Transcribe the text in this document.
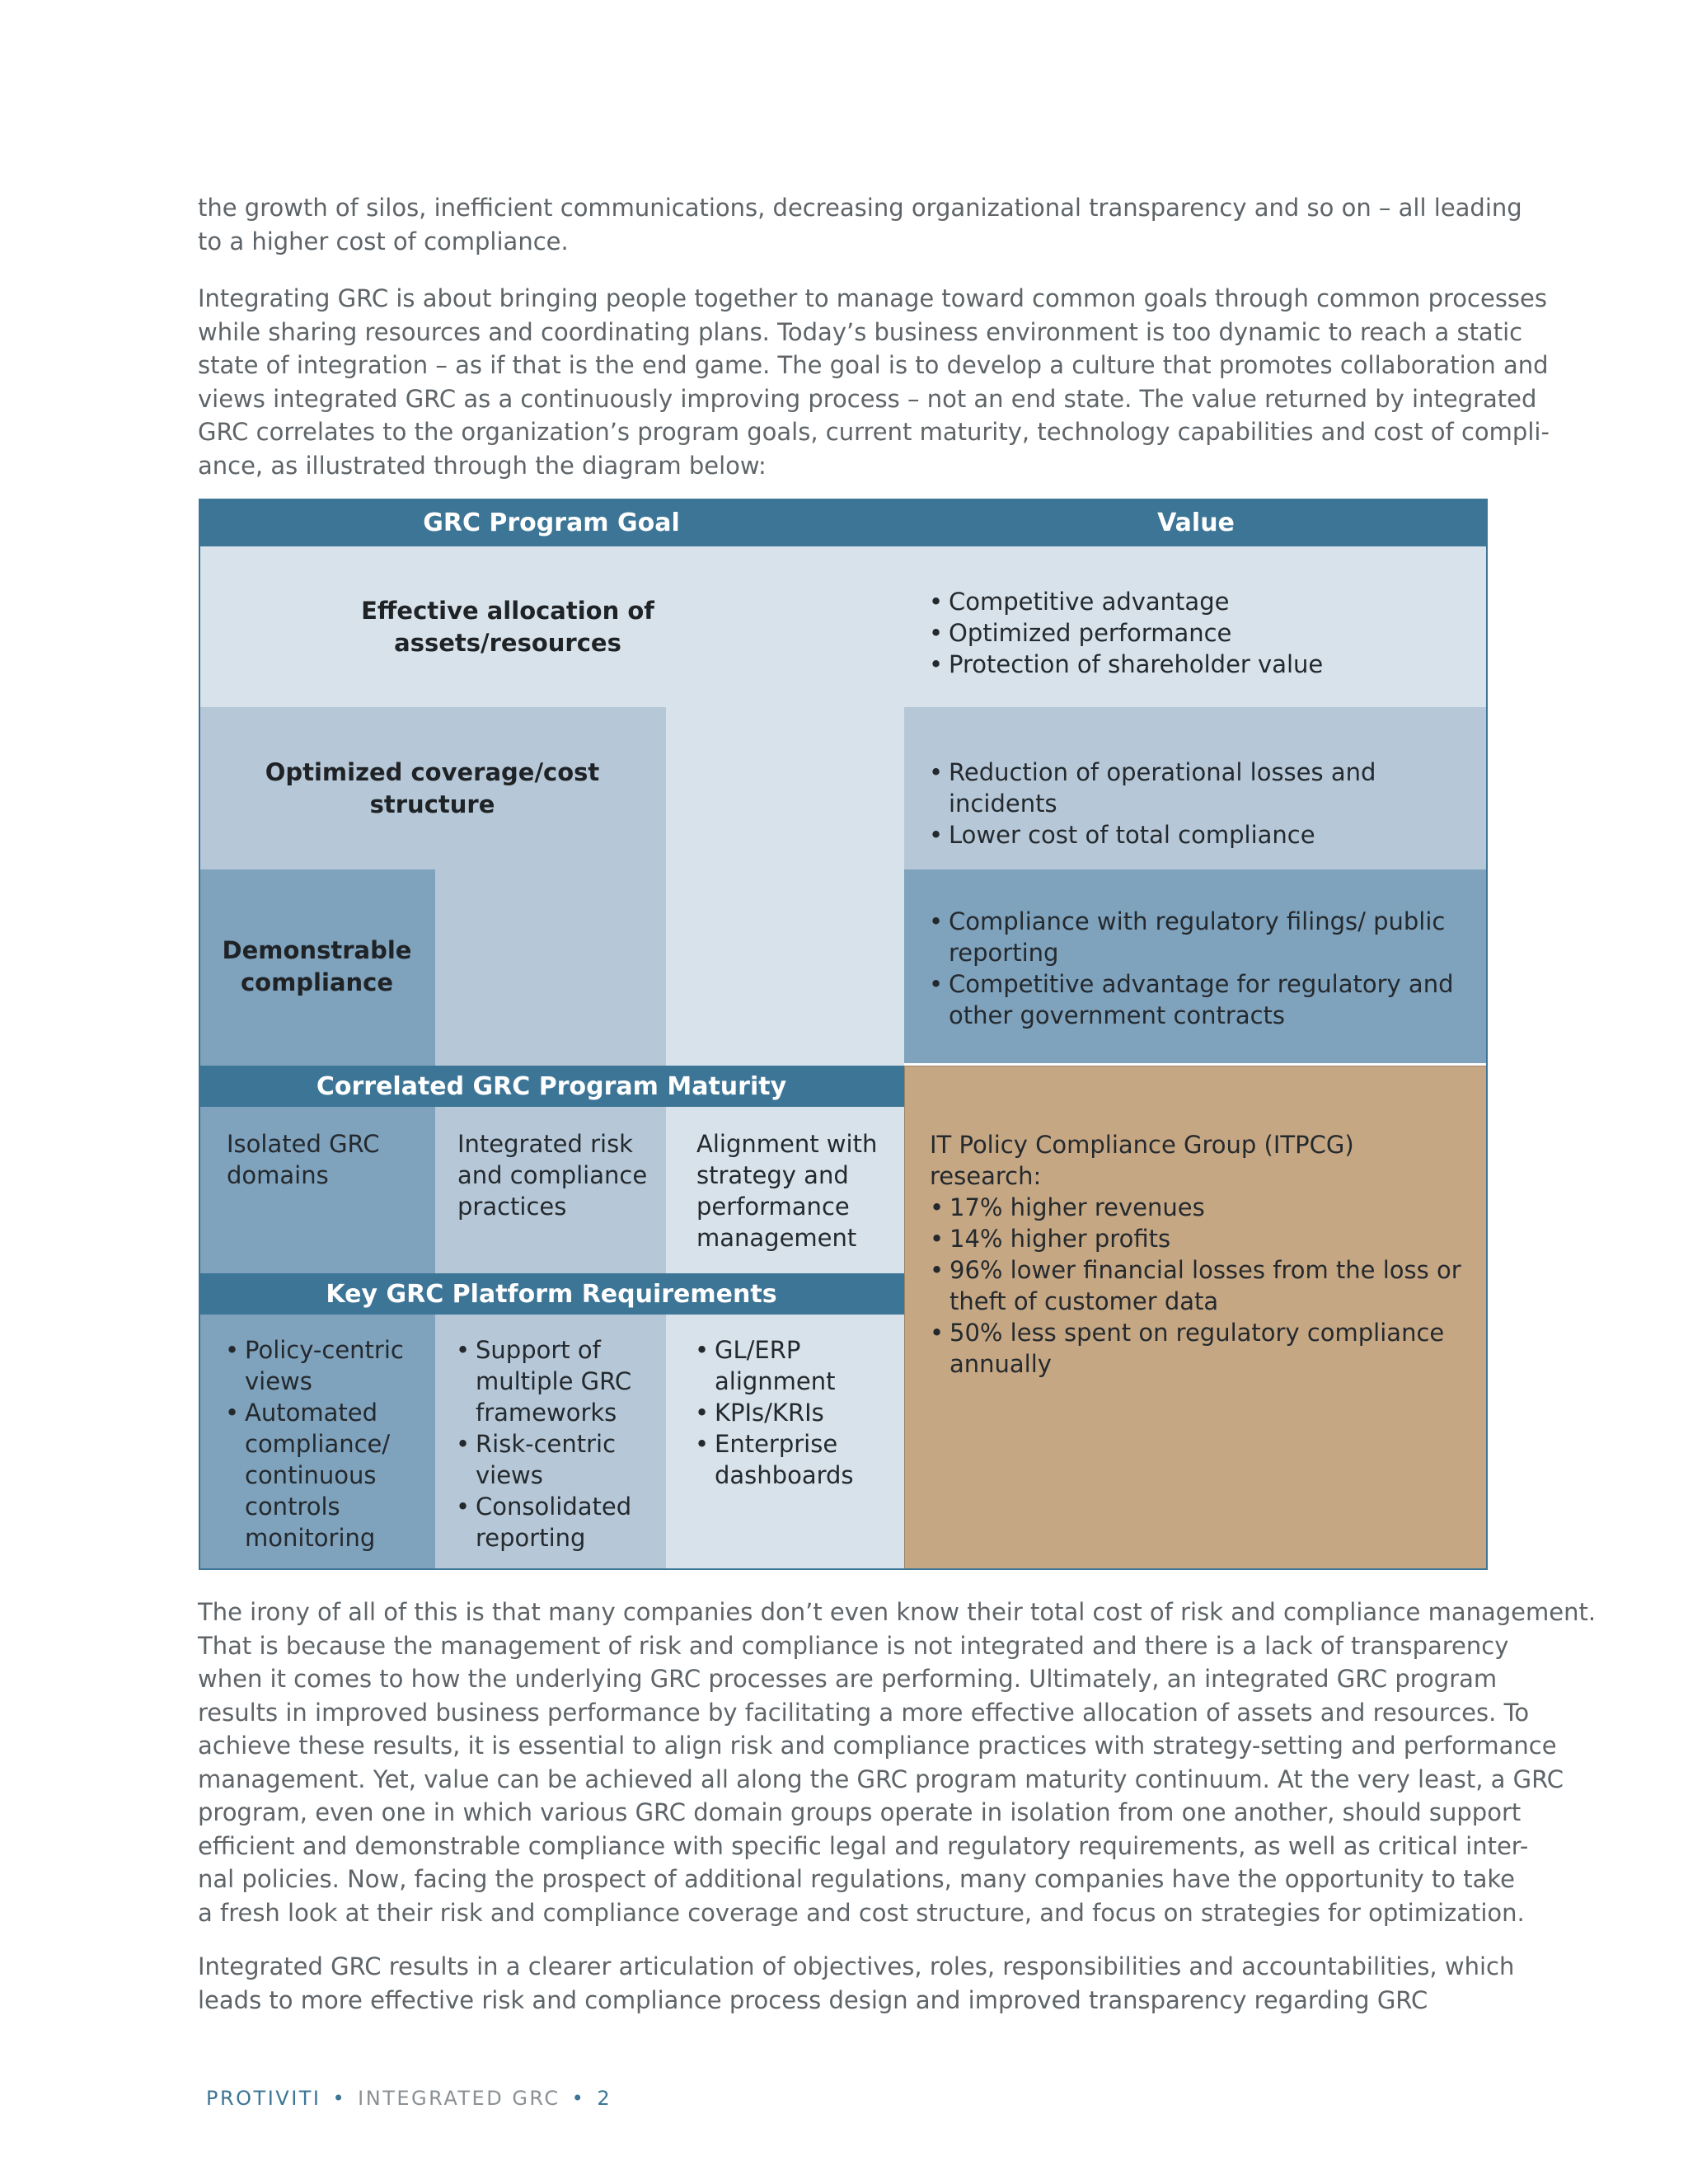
the growth of silos, inefficient communications, decreasing organizational transparency and so on – all leading
to a higher cost of compliance.
Integrating GRC is about bringing people together to manage toward common goals through common processes
while sharing resources and coordinating plans. Today’s business environment is too dynamic to reach a static
state of integration – as if that is the end game. The goal is to develop a culture that promotes collaboration and
views integrated GRC as a continuously improving process – not an end state. The value returned by integrated
GRC correlates to the organization’s program goals, current maturity, technology capabilities and cost of compli-
ance, as illustrated through the diagram below:
GRC Program Goal	Value
Effective allocation of assets/resources
Optimized coverage/cost
structure
Demonstrable
compliance
• Competitive advantage
• Optimized performance
• Protection of shareholder value
• Reduction of operational losses and incidents
• Lower cost of total compliance
• Compliance with regulatory filings/ public reporting
• Competitive advantage for regulatory and other government contracts
Correlated GRC Program Maturity
Isolated GRC
domains
Integrated risk
and compliance
practices
Alignment with
strategy and
performance
management
Key GRC Platform Requirements
• Policy-centric views
• Automated compliance/ continuous controls monitoring
• Support of multiple GRC frameworks
• Risk-centric views
• Consolidated reporting
• GL/ERP alignment
• KPIs/KRIs
• Enterprise dashboards
IT Policy Compliance Group (ITPCG) research:
• 17% higher revenues
• 14% higher profits
• 96% lower financial losses from the loss or theft of customer data
• 50% less spent on regulatory compliance annually
The irony of all of this is that many companies don’t even know their total cost of risk and compliance management.
That is because the management of risk and compliance is not integrated and there is a lack of transparency
when it comes to how the underlying GRC processes are performing. Ultimately, an integrated GRC program
results in improved business performance by facilitating a more effective allocation of assets and resources. To
achieve these results, it is essential to align risk and compliance practices with strategy-setting and performance
management. Yet, value can be achieved all along the GRC program maturity continuum. At the very least, a GRC
program, even one in which various GRC domain groups operate in isolation from one another, should support
efficient and demonstrable compliance with specific legal and regulatory requirements, as well as critical inter-
nal policies. Now, facing the prospect of additional regulations, many companies have the opportunity to take
a fresh look at their risk and compliance coverage and cost structure, and focus on strategies for optimization.
Integrated GRC results in a clearer articulation of objectives, roles, responsibilities and accountabilities, which
leads to more effective risk and compliance process design and improved transparency regarding GRC
PROTIVITI • INTEGRATED GRC • 2
